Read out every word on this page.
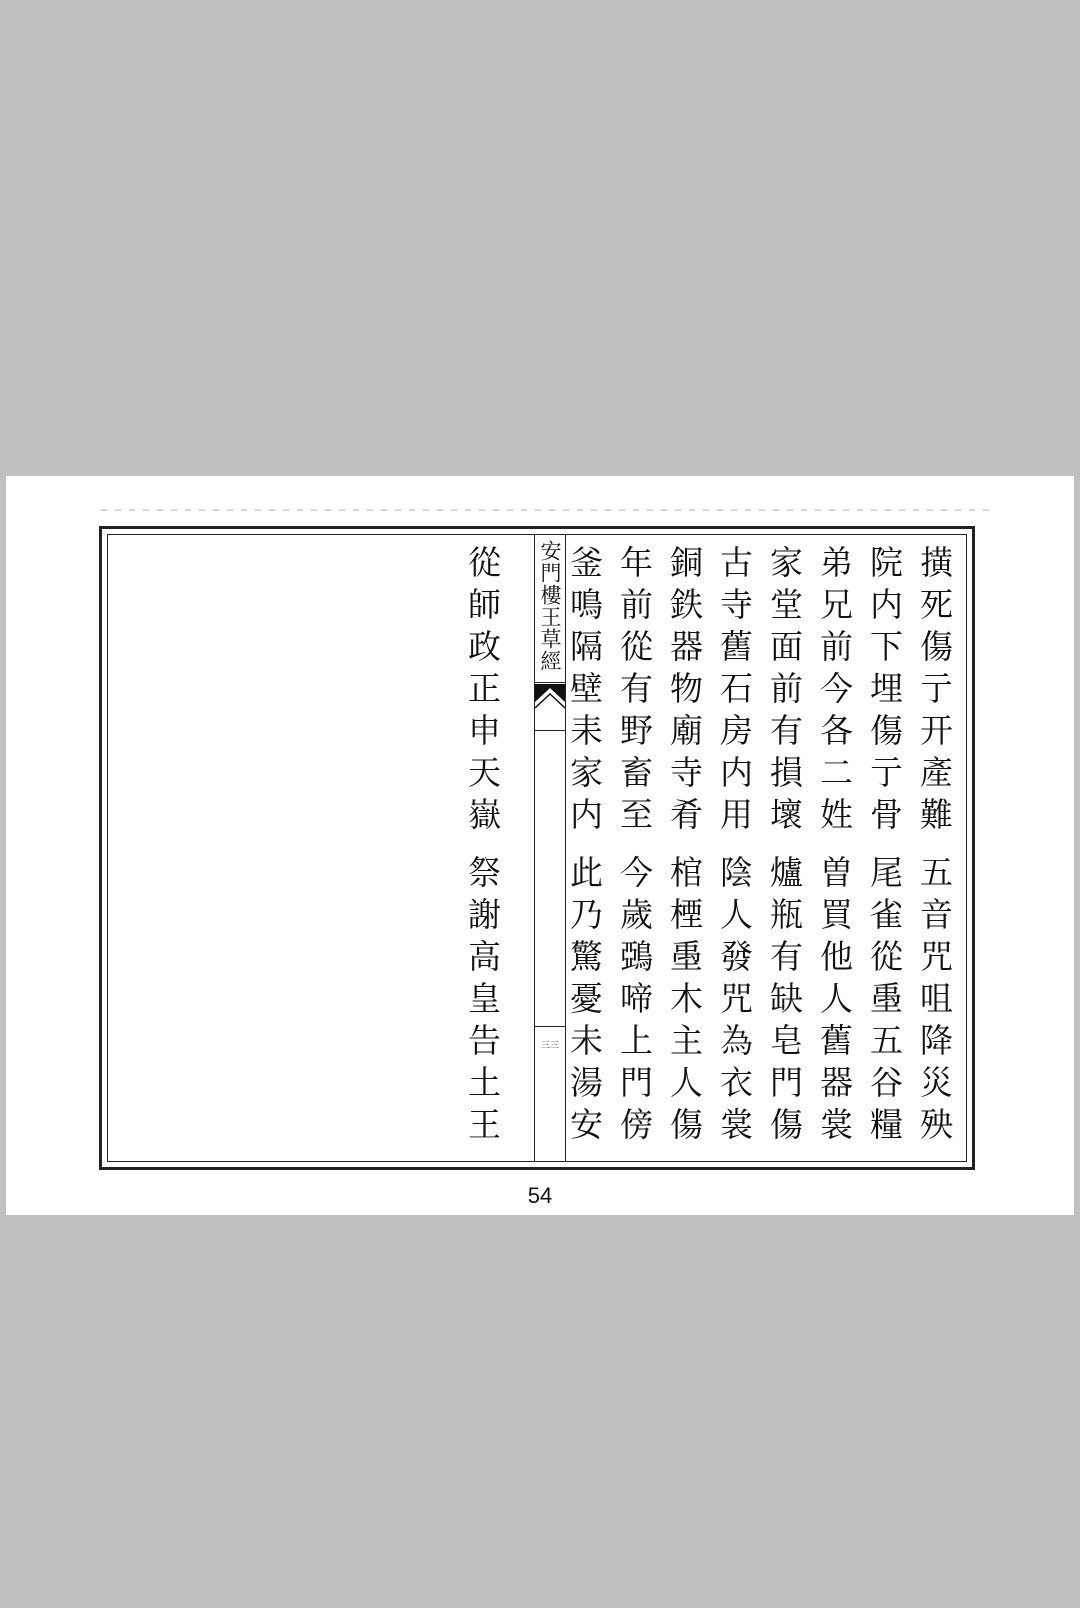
安門樓王草經
三三
撗死傷亍开產難
院内下埋傷亍骨
弟兄前今各二姓
家堂面前有損壞
古寺舊石房内用
銅鉄器物廟寺肴
年前從有野畜至
五音咒咀降災殃
尾雀從㙑五谷糧
曽買他人舊器裳
爐瓶有缺皂門傷
陰人發咒為衣裳
棺㮒㙑木主人傷
今歲鵶啼上門傍
從師政正申天嶽
祭謝高皇告土王
釜鳴隔壁耒家内
此乃驚憂未湯安
54
